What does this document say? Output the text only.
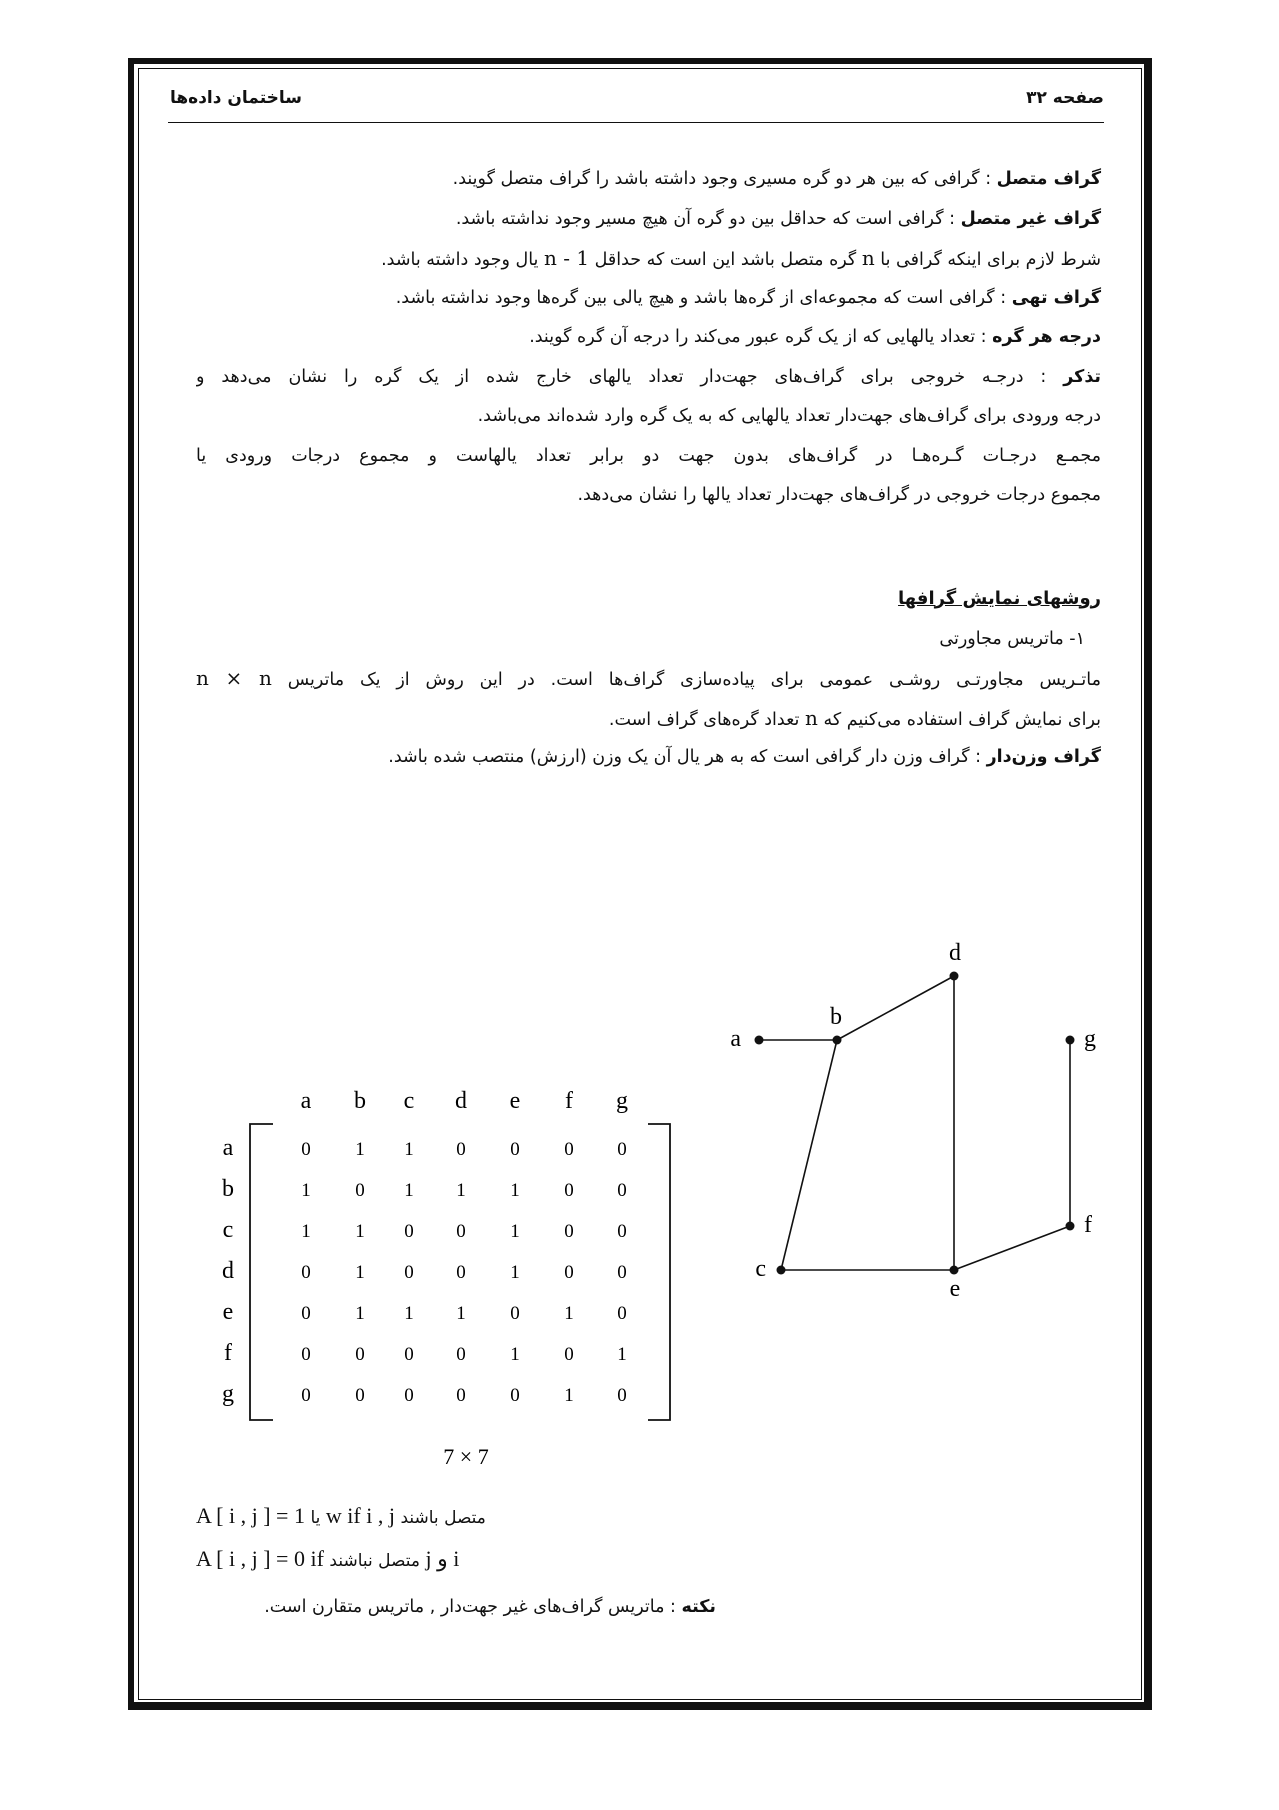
ساختمان داده‌ها	صفحه ۳۲
گراف متصل : گرافی که بین هر دو گره مسیری وجود داشته باشد را گراف متصل گویند.
گراف غیر متصل : گرافی است که حداقل بین دو گره آن هیچ مسیر وجود نداشته باشد.
شرط لازم برای اینکه گرافی با n گره متصل باشد این است که حداقل n - 1 یال وجود داشته باشد.
گراف تهی : گرافی است که مجموعه‌ای از گره‌ها باشد و هیچ یالی بین گره‌ها وجود نداشته باشد.
درجه هر گره : تعداد یالهایی که از یک گره عبور می‌کند را درجه آن گره گویند.
تذکر : درجـه خروجی برای گراف‌های جهت‌دار تعداد یالهای خارج شده از یک گره را نشان می‌دهد و
درجه ورودی برای گراف‌های جهت‌دار تعداد یالهایی که به یک گره وارد شده‌اند می‌باشد.
مجمـع درجـات گـره‌هـا در گراف‌های بدون جهت دو برابر تعداد یالهاست و مجموع درجات ورودی یا
مجموع درجات خروجی در گراف‌های جهت‌دار تعداد یالها را نشان می‌دهد.
روشهای نمایش گرافها
۱- ماتریس مجاورتی
ماتـریس مجاورتـی روشـی عمومی برای پیاده‌سازی گراف‌ها است. در این روش از یک ماتریس n × n
برای نمایش گراف استفاده می‌کنیم که n تعداد گره‌های گراف است.
گراف وزن‌دار : گراف وزن دار گرافی است که به هر یال آن یک وزن (ارزش) منتصب شده باشد.
a
b
c
d
e
f
g
a b c d e f g
a
b
c
d
e
f
g
0 1 1 0 0 0 0
1 0 1 1 1 0 0
1 1 0 0 1 0 0
0 1 0 0 1 0 0
0 1 1 1 0 1 0
0 0 0 0 1 0 1
0 0 0 0 0 1 0
7 × 7
A [ i , j ] = 1 یا w if i , j متصل باشند
A [ i , j ] = 0 if متصل نباشند j و i
نکته : ماتریس گراف‌های غیر جهت‌دار , ماتریس متقارن است.
